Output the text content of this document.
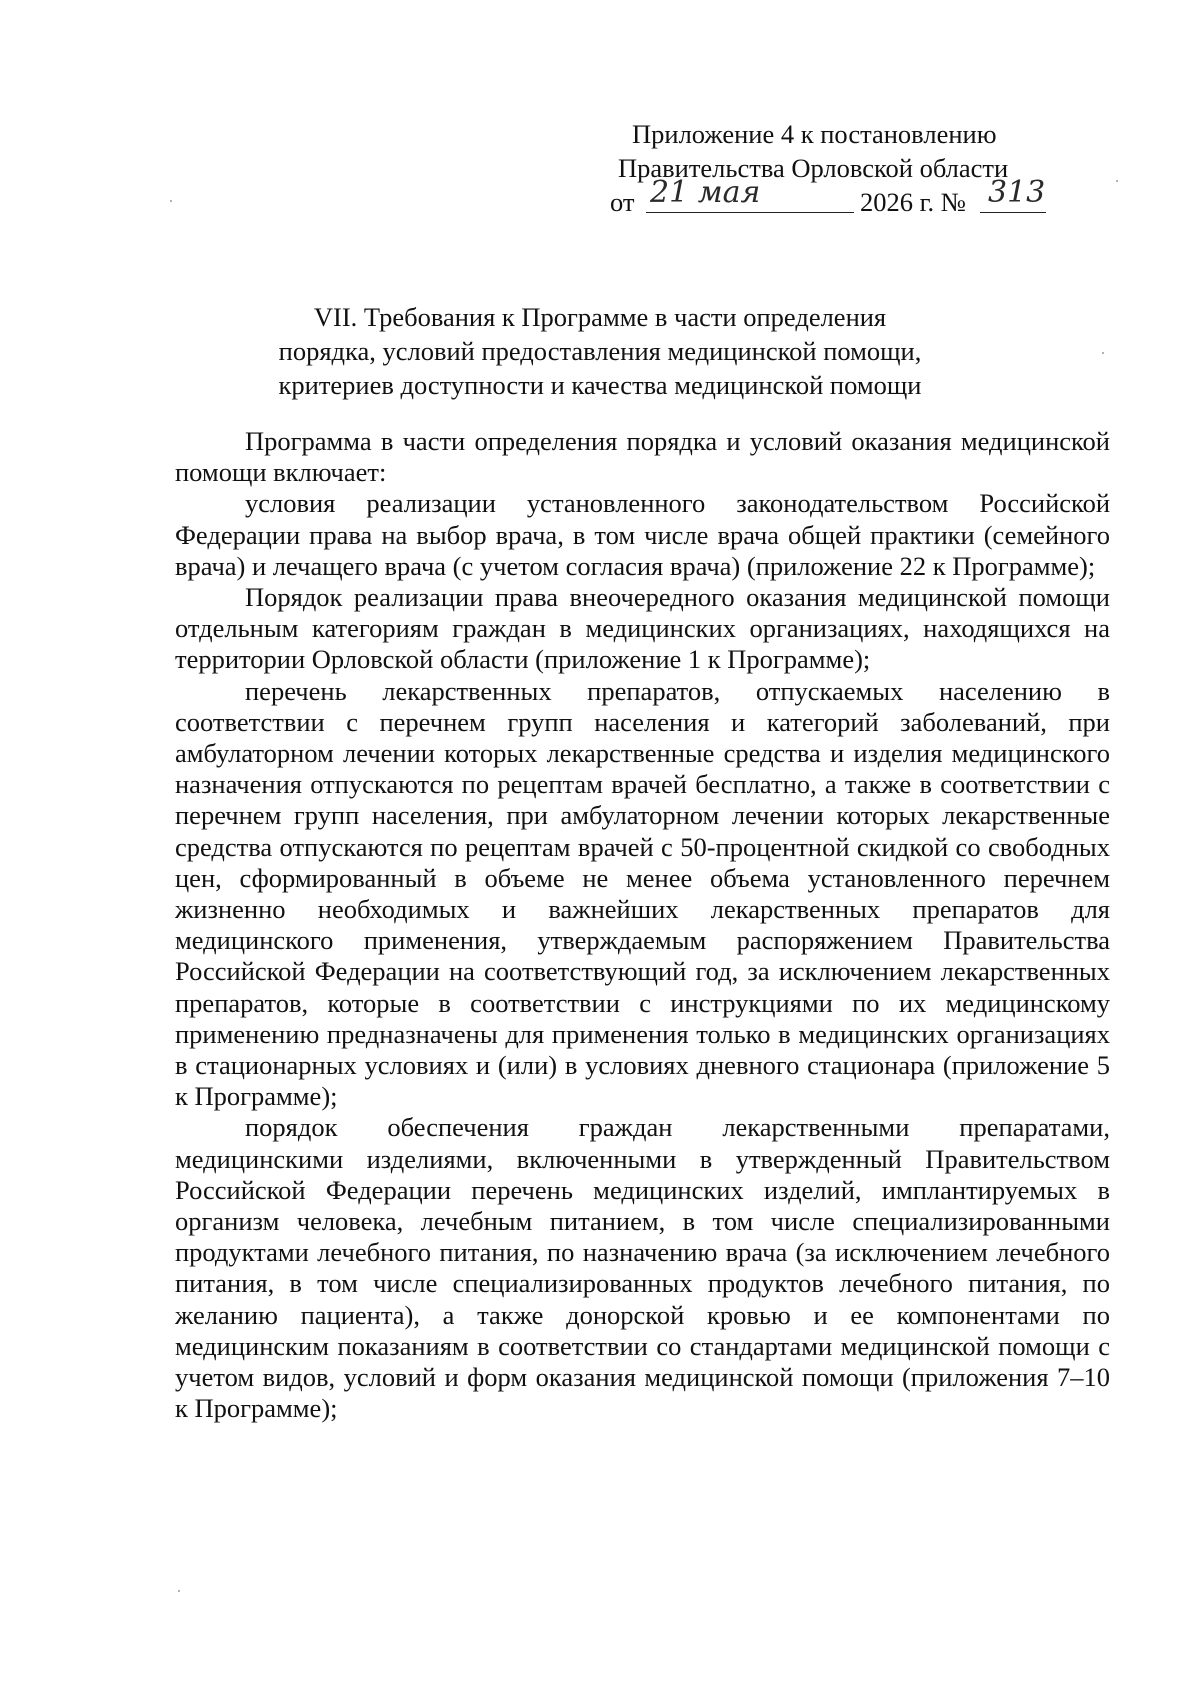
Приложение 4 к постановлению
Правительства Орловской области
от 21 мая	2026 г. № 313
VII. Требования к Программе в части определения
порядка, условий предоставления медицинской помощи,
критериев доступности и качества медицинской помощи

Программа в части определения порядка и условий оказания медицинской помощи включает:

условия реализации установленного законодательством Российской Федерации права на выбор врача, в том числе врача общей практики (семейного врача) и лечащего врача (с учетом согласия врача) (приложение 22 к Программе);

Порядок реализации права внеочередного оказания медицинской помощи отдельным категориям граждан в медицинских организациях, находящихся на территории Орловской области (приложение 1 к Программе);

перечень лекарственных препаратов, отпускаемых населению в соответствии с перечнем групп населения и категорий заболеваний, при амбулаторном лечении которых лекарственные средства и изделия медицинского назначения отпускаются по рецептам врачей бесплатно, а также в соответствии с перечнем групп населения, при амбулаторном лечении которых лекарственные средства отпускаются по рецептам врачей с 50-процентной скидкой со свободных цен, сформированный в объеме не менее объема установленного перечнем жизненно необходимых и важнейших лекарственных препаратов для медицинского применения, утверждаемым распоряжением Правительства Российской Федерации на соответствующий год, за исключением лекарственных препаратов, которые в соответствии с инструкциями по их медицинскому применению предназначены для применения только в медицинских организациях в стационарных условиях и (или) в условиях дневного стационара (приложение 5 к Программе);

порядок обеспечения граждан лекарственными препаратами, медицинскими изделиями, включенными в утвержденный Правительством Российской Федерации перечень медицинских изделий, имплантируемых в организм человека, лечебным питанием, в том числе специализированными продуктами лечебного питания, по назначению врача (за исключением лечебного питания, в том числе специализированных продуктов лечебного питания, по желанию пациента), а также донорской кровью и ее компонентами по медицинским показаниям в соответствии со стандартами медицинской помощи с учетом видов, условий и форм оказания медицинской помощи (приложения 7–10 к Программе);
